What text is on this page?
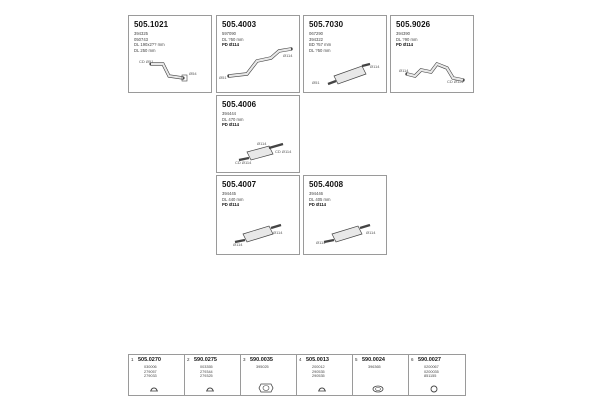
505.1021
394325
050743
DL 190x2?? mm
DL 250 mm
CD Ø51
Ø54
505.4003
597090
DL ?50 mm
PD Ø114
Ø114
Ø51
505.7030
067290
394322
BD ?57 mm
DL ?50 mm
Ø114
Ø51
505.9026
394390
DL ?90 mm
PD Ø114
Ø114
CD Ø114
505.4006
394444
DL 470 mm
PD Ø114
Ø114
CD Ø114
CD Ø114
505.4007
394445
DL 440 mm
PD Ø114
Ø114
Ø114
505.4008
394446
DL 405 mm
PD Ø114
Ø114
Ø114
1 505.0270
030006
279057
279033
2 590.0275
003355
279344
279325
3 590.0035
395025
4 505.0013
200012
290535
290535
5 590.0024
396365
6 590.0027
0200067
0200035
851155
